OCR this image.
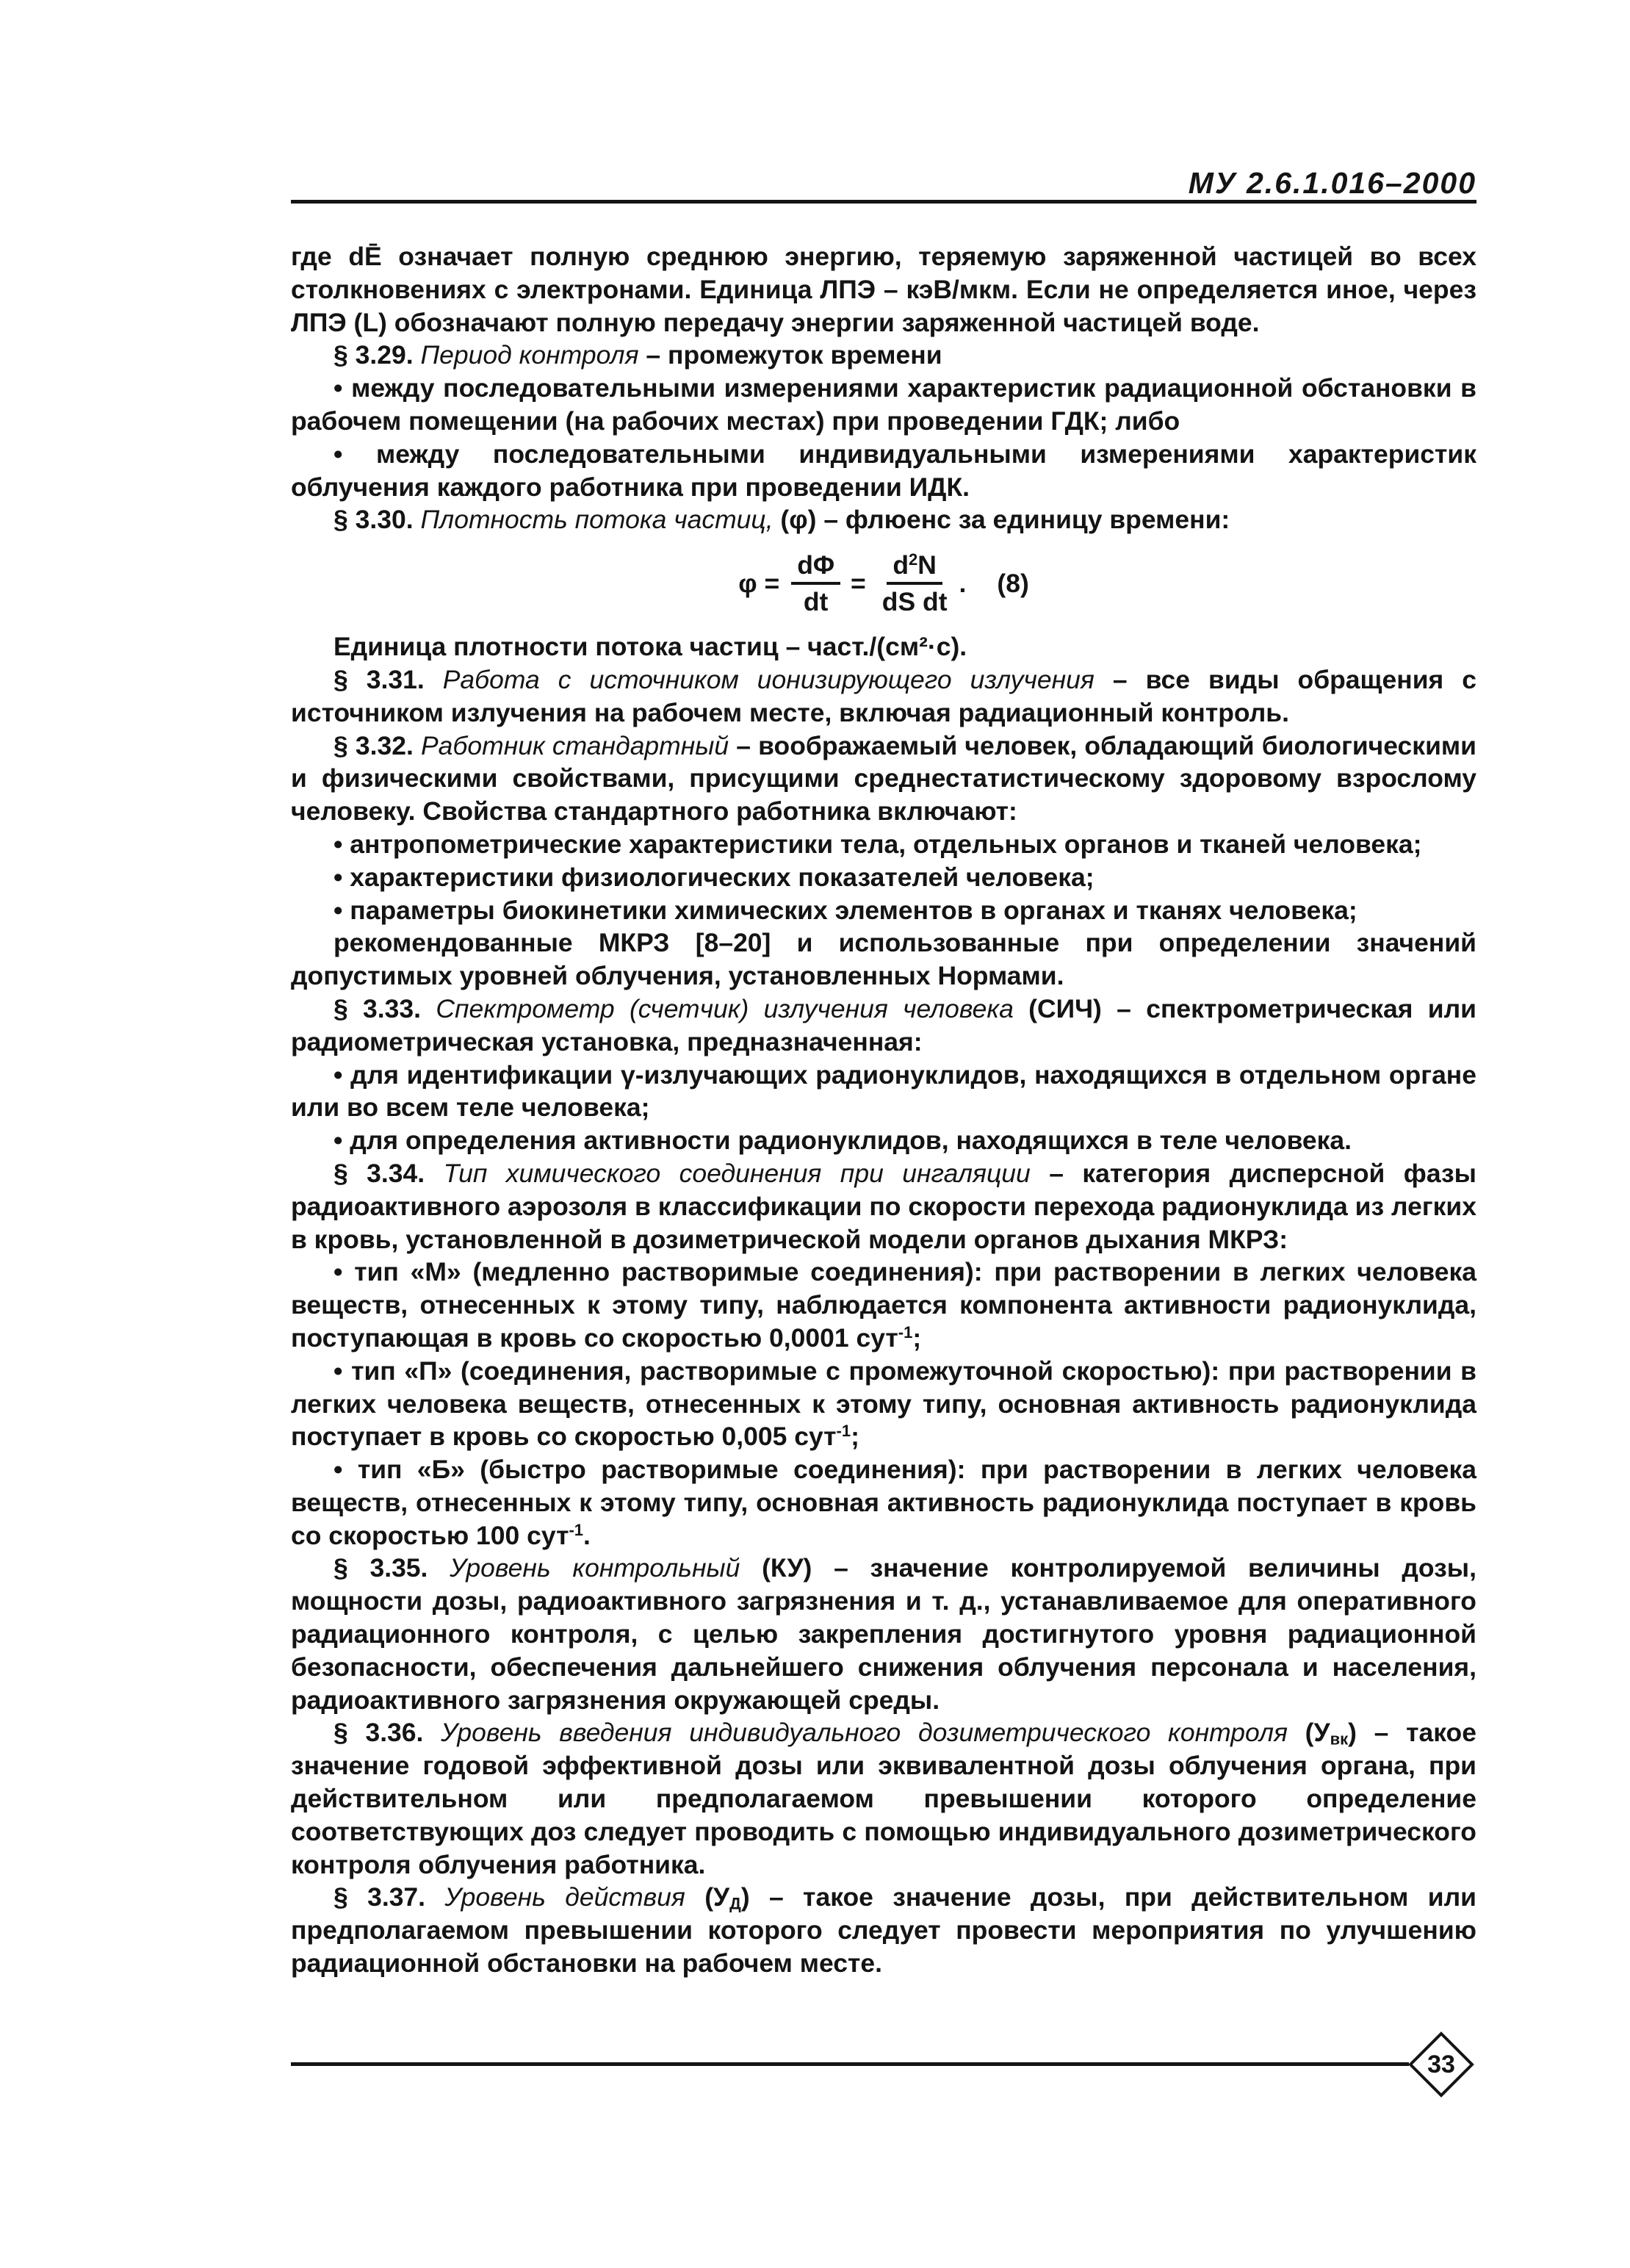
МУ 2.6.1.016–2000

где dĒ означает полную среднюю энергию, теряемую заряженной частицей во всех столкновениях с электронами. Единица ЛПЭ – кэВ/мкм. Если не определяется иное, через ЛПЭ (L) обозначают полную передачу энергии заряженной частицей воде.

§ 3.29. Период контроля – промежуток времени

• между последовательными измерениями характеристик радиационной обстановки в рабочем помещении (на рабочих местах) при проведении ГДК; либо

• между последовательными индивидуальными измерениями характеристик облучения каждого работника при проведении ИДК.

§ 3.30. Плотность потока частиц, (φ) – флюенс за единицу времени:

$\varphi = \frac{d\Phi}{dt} = \frac{d^2N}{\text{dS dt}}$ . (8)

Единица плотности потока частиц – част./(см²·с).

§ 3.31. Работа с источником ионизирующего излучения – все виды обращения с источником излучения на рабочем месте, включая радиационный контроль.

§ 3.32. Работник стандартный – воображаемый человек, обладающий биологическими и физическими свойствами, присущими среднестатистическому здоровому взрослому человеку. Свойства стандартного работника включают:

• антропометрические характеристики тела, отдельных органов и тканей человека;

• характеристики физиологических показателей человека;

• параметры биокинетики химических элементов в органах и тканях человека;

рекомендованные МКРЗ [8–20] и использованные при определении значений допустимых уровней облучения, установленных Нормами.

§ 3.33. Спектрометр (счетчик) излучения человека (СИЧ) – спектрометрическая или радиометрическая установка, предназначенная:

• для идентификации γ-излучающих радионуклидов, находящихся в отдельном органе или во всем теле человека;

• для определения активности радионуклидов, находящихся в теле человека.

§ 3.34. Тип химического соединения при ингаляции – категория дисперсной фазы радиоактивного аэрозоля в классификации по скорости перехода радионуклида из легких в кровь, установленной в дозиметрической модели органов дыхания МКРЗ:

• тип «М» (медленно растворимые соединения): при растворении в легких человека веществ, отнесенных к этому типу, наблюдается компонента активности радионуклида, поступающая в кровь со скоростью 0,0001 сут$^{-1}$;

• тип «П» (соединения, растворимые с промежуточной скоростью): при растворении в легких человека веществ, отнесенных к этому типу, основная активность радионуклида поступает в кровь со скоростью 0,005 сут$^{-1}$;

• тип «Б» (быстро растворимые соединения): при растворении в легких человека веществ, отнесенных к этому типу, основная активность радионуклида поступает в кровь со скоростью 100 сут$^{-1}$.

§ 3.35. Уровень контрольный (КУ) – значение контролируемой величины дозы, мощности дозы, радиоактивного загрязнения и т. д., устанавливаемое для оперативного радиационного контроля, с целью закрепления достигнутого уровня радиационной безопасности, обеспечения дальнейшего снижения облучения персонала и населения, радиоактивного загрязнения окружающей среды.

§ 3.36. Уровень введения индивидуального дозиметрического контроля $(У_{вк})$ – такое значение годовой эффективной дозы или эквивалентной дозы облучения органа, при действительном или предполагаемом превышении которого определение соответствующих доз следует проводить с помощью индивидуального дозиметрического контроля облучения работника.

§ 3.37. Уровень действия $(У_Д)$ – такое значение дозы, при действительном или предполагаемом превышении которого следует провести мероприятия по улучшению радиационной обстановки на рабочем месте.

33
